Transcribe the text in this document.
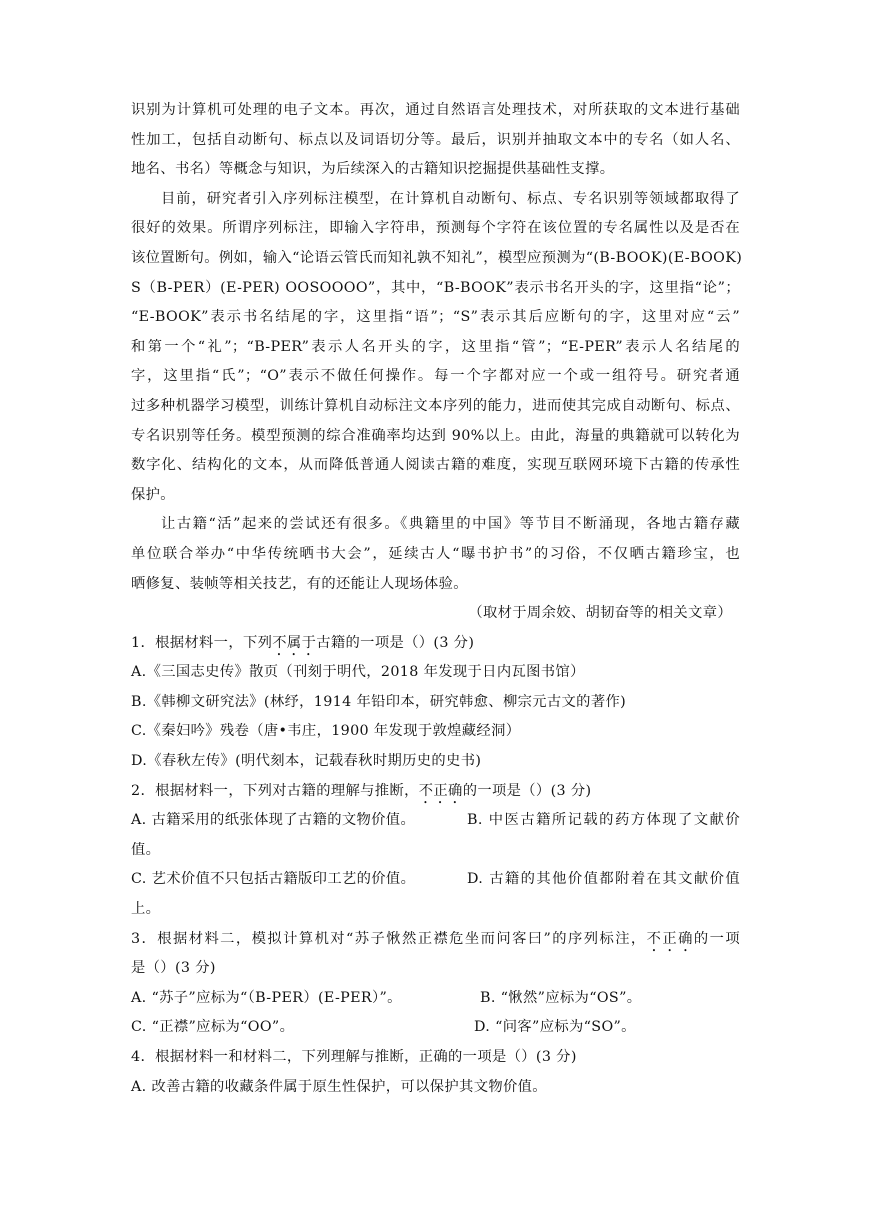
识别为计算机可处理的电子文本。再次，通过自然语言处理技术，对所获取的文本进行基础
性加工，包括自动断句、标点以及词语切分等。最后，识别并抽取文本中的专名（如人名、
地名、书名）等概念与知识，为后续深入的古籍知识挖掘提供基础性支撑。
目前，研究者引入序列标注模型，在计算机自动断句、标点、专名识别等领域都取得了
很好的效果。所谓序列标注，即输入字符串，预测每个字符在该位置的专名属性以及是否在
该位置断句。例如，输入“论语云管氏而知礼孰不知礼”，模型应预测为“(B-BOOK)(E-BOOK)
S（B-PER）(E-PER) OOSOOOO”，其中，“B-BOOK”表示书名开头的字，这里指“论”；
“E-BOOK”表示书名结尾的字，这里指“语”；“S”表示其后应断句的字，这里对应“云”
和第一个“礼”；“B-PER”表示人名开头的字，这里指“管”；“E-PER”表示人名结尾的
字，这里指“氏”；“O”表示不做任何操作。每一个字都对应一个或一组符号。研究者通
过多种机器学习模型，训练计算机自动标注文本序列的能力，进而使其完成自动断句、标点、
专名识别等任务。模型预测的综合准确率均达到 90%以上。由此，海量的典籍就可以转化为
数字化、结构化的文本，从而降低普通人阅读古籍的难度，实现互联网环境下古籍的传承性
保护。
让古籍“活”起来的尝试还有很多。《典籍里的中国》等节目不断涌现，各地古籍存藏
单位联合举办“中华传统晒书大会”，延续古人“曝书护书”的习俗，不仅晒古籍珍宝，也
晒修复、装帧等相关技艺，有的还能让人现场体验。
（取材于周余姣、胡韧奋等的相关文章）
1．根据材料一，下列不属于古籍的一项是（）(3 分)
A.《三国志史传》散页（刊刻于明代，2018 年发现于日内瓦图书馆）
B.《韩柳文研究法》(林纾，1914 年铅印本，研究韩愈、柳宗元古文的著作)
C.《秦妇吟》残卷（唐•韦庄，1900 年发现于敦煌藏经洞）
D.《春秋左传》(明代刻本，记载春秋时期历史的史书)
2．根据材料一，下列对古籍的理解与推断，不正确的一项是（）(3 分)
A. 古籍采用的纸张体现了古籍的文物价值。	B. 中医古籍所记载的药方体现了文献价
值。
C. 艺术价值不只包括古籍版印工艺的价值。	D. 古籍的其他价值都附着在其文献价值
上。
3．根据材料二，模拟计算机对“苏子愀然正襟危坐而问客曰”的序列标注，不正确的一项
是（）(3 分)
A. “苏子”应标为“（B-PER）(E-PER）”。	B. “愀然”应标为“OS”。
C. “正襟”应标为“OO”。	D. “问客”应标为“SO”。
4．根据材料一和材料二，下列理解与推断，正确的一项是（）(3 分)
A. 改善古籍的收藏条件属于原生性保护，可以保护其文物价值。
